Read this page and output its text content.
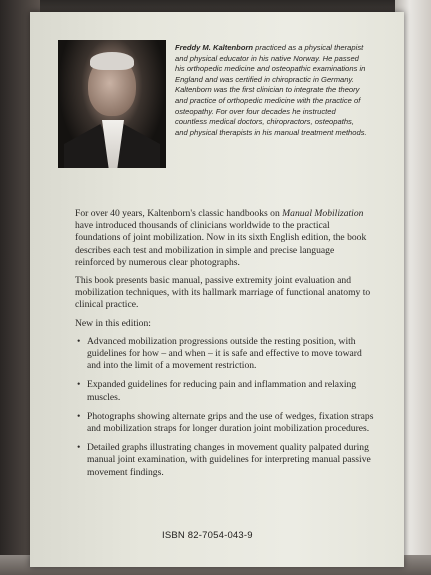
Freddy M. Kaltenborn practiced as a physical therapist and physical educator in his native Norway. He passed his orthopedic medicine and osteopathic examinations in England and was certified in chiropractic in Germany. Kaltenborn was the first clinician to integrate the theory and practice of orthopedic medicine with the practice of osteopathy. For over four decades he instructed countless medical doctors, chiropractors, osteopaths, and physical therapists in his manual treatment methods.

For over 40 years, Kaltenborn's classic handbooks on Manual Mobilization have introduced thousands of clinicians worldwide to the practical foundations of joint mobilization. Now in its sixth English edition, the book describes each test and mobilization in simple and precise language reinforced by numerous clear photographs.

This book presents basic manual, passive extremity joint evaluation and mobilization techniques, with its hallmark marriage of functional anatomy to clinical practice.

New in this edition:

• Advanced mobilization progressions outside the resting position, with guidelines for how – and when – it is safe and effective to move toward and into the limit of a movement restriction.
• Expanded guidelines for reducing pain and inflammation and relaxing muscles.
• Photographs showing alternate grips and the use of wedges, fixation straps and mobilization straps for longer duration joint mobilization procedures.
• Detailed graphs illustrating changes in movement quality palpated during manual joint examination, with guidelines for interpreting manual passive movement findings.
ISBN 82-7054-043-9
